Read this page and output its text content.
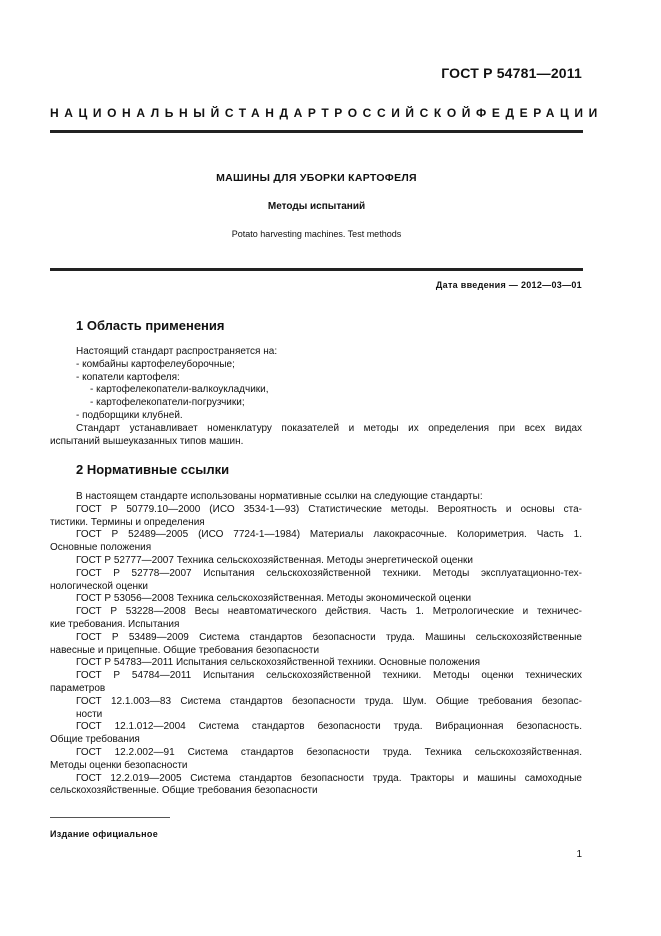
ГОСТ Р 54781—2011
НАЦИОНАЛЬНЫЙ СТАНДАРТ РОССИЙСКОЙ ФЕДЕРАЦИИ
МАШИНЫ ДЛЯ УБОРКИ КАРТОФЕЛЯ
Методы испытаний
Potato harvesting machines. Test methods
Дата введения — 2012—03—01
1 Область применения
Настоящий стандарт распространяется на:
- комбайны картофелеуборочные;
- копатели картофеля:
- картофелекопатели-валкоукладчики,
- картофелекопатели-погрузчики;
- подборщики клубней.
Стандарт устанавливает номенклатуру показателей и методы их определения при всех видах
испытаний вышеуказанных типов машин.
2 Нормативные ссылки
В настоящем стандарте использованы нормативные ссылки на следующие стандарты:
ГОСТ Р 50779.10—2000 (ИСО 3534-1—93) Статистические методы. Вероятность и основы ста-
тистики. Термины и определения
ГОСТ Р 52489—2005 (ИСО 7724-1—1984) Материалы лакокрасочные. Колориметрия. Часть 1.
Основные положения
ГОСТ Р 52777—2007 Техника сельскохозяйственная. Методы энергетической оценки
ГОСТ Р 52778—2007 Испытания сельскохозяйственной техники. Методы эксплуатационно-тех-
нологической оценки
ГОСТ Р 53056—2008 Техника сельскохозяйственная. Методы экономической оценки
ГОСТ Р 53228—2008 Весы неавтоматического действия. Часть 1. Метрологические и техничес-
кие требования. Испытания
ГОСТ Р 53489—2009 Система стандартов безопасности труда. Машины сельскохозяйственные
навесные и прицепные. Общие требования безопасности
ГОСТ Р 54783—2011 Испытания сельскохозяйственной техники. Основные положения
ГОСТ Р 54784—2011 Испытания сельскохозяйственной техники. Методы оценки технических
параметров
ГОСТ 12.1.003—83 Система стандартов безопасности труда. Шум. Общие требования безопас-
ности
ГОСТ 12.1.012—2004 Система стандартов безопасности труда. Вибрационная безопасность.
Общие требования
ГОСТ 12.2.002—91 Система стандартов безопасности труда. Техника сельскохозяйственная.
Методы оценки безопасности
ГОСТ 12.2.019—2005 Система стандартов безопасности труда. Тракторы и машины самоходные
сельскохозяйственные. Общие требования безопасности
Издание официальное
1
